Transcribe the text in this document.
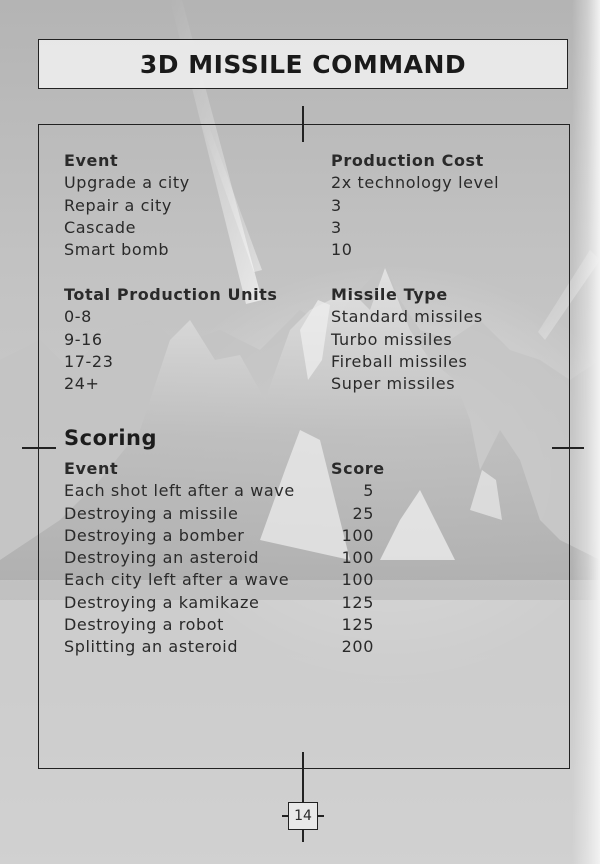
3D MISSILE COMMAND
Event
Upgrade a city
Repair a city
Cascade
Smart bomb
Production Cost
2x technology level
3
3
10
Total Production Units
0-8
9-16
17-23
24+
Missile Type
Standard missiles
Turbo missiles
Fireball missiles
Super missiles
Scoring
Event
Each shot left after a wave
Destroying a missile
Destroying a bomber
Destroying an asteroid
Each city left after a wave
Destroying a kamikaze
Destroying a robot
Splitting an asteroid
Score
5
25
100
100
100
125
125
200
14
